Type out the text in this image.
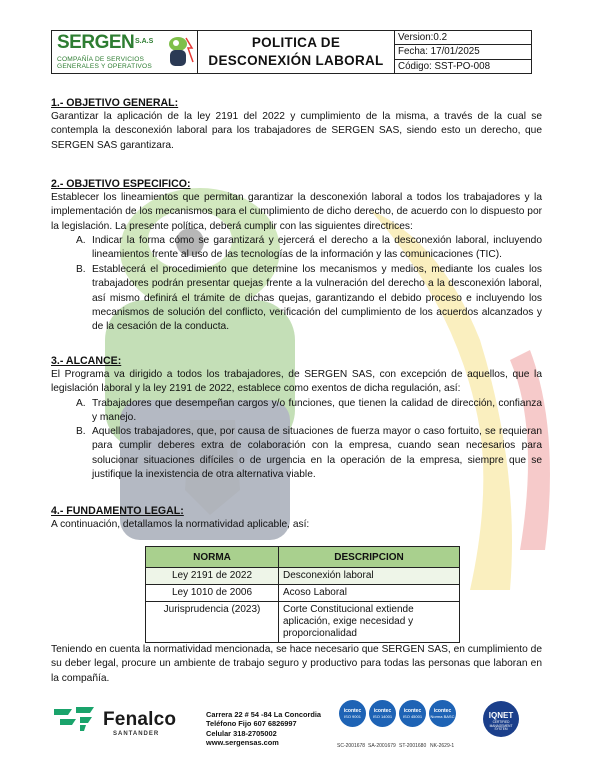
SERGEN S.A.S
COMPAÑÍA DE SERVICIOS
GENERALES Y OPERATIVOS
POLITICA DE
DESCONEXIÓN LABORAL
Version:0.2
Fecha: 17/01/2025
Código: SST-PO-008
1.- OBJETIVO GENERAL:
Garantizar la aplicación de la ley 2191 del 2022 y cumplimiento de la misma, a través de la cual se contempla la desconexión laboral para los trabajadores de SERGEN SAS, siendo esto un derecho, que SERGEN SAS garantizara.
2.- OBJETIVO ESPECIFICO:
Establecer los lineamientos que permitan garantizar la desconexión laboral a todos los trabajadores y la implementación de los mecanismos para el cumplimiento de dicho derecho, de acuerdo con lo dispuesto por la legislación. La presente política, deberá cumplir con las siguientes directrices:
A. Indicar la forma cómo se garantizará y ejercerá el derecho a la desconexión laboral, incluyendo lineamientos frente al uso de las tecnologías de la información y las comunicaciones (TIC).
B. Establecerá el procedimiento que determine los mecanismos y medios, mediante los cuales los trabajadores podrán presentar quejas frente a la vulneración del derecho a la desconexión laboral, así mismo definirá el trámite de dichas quejas, garantizando el debido proceso e incluyendo los mecanismos de solución del conflicto, verificación del cumplimiento de los acuerdos alcanzados y de la cesación de la conducta.
3.- ALCANCE:
El Programa va dirigido a todos los trabajadores, de SERGEN SAS, con excepción de aquellos, que la legislación laboral y la ley 2191 de 2022, establece como exentos de dicha regulación, así:
A. Trabajadores que desempeñan cargos y/o funciones, que tienen la calidad de dirección, confianza y manejo.
B. Aquellos trabajadores, que, por causa de situaciones de fuerza mayor o caso fortuito, se requieran para cumplir deberes extra de colaboración con la empresa, cuando sean necesarios para solucionar situaciones difíciles o de urgencia en la operación de la empresa, siempre que se justifique la inexistencia de otra alternativa viable.
4.- FUNDAMENTO LEGAL:
A continuación, detallamos la normatividad aplicable, así:
NORMA	DESCRIPCION
Ley 2191 de 2022	Desconexión laboral
Ley 1010 de 2006	Acoso Laboral
Jurisprudencia (2023)	Corte Constitucional extiende aplicación, exige necesidad y proporcionalidad
Teniendo en cuenta la normatividad mencionada, se hace necesario que SERGEN SAS, en cumplimiento de su deber legal, procure un ambiente de trabajo seguro y productivo para todas las personas que laboran en la compañía.
Fenalco
SANTANDER
Carrera 22 # 54 -84 La Concordia
Teléfono Fijo 607 6826997
Celular 318-2705002
www.sergensas.com
icontec
ISO 9001
icontec
ISO 14001
icontec
ISO 45001
icontec
Norma BASC
SC-2001678 SA-2001679 ST-2001680 NK-2629-1
IQNET
CERTIFIED MANAGEMENT SYSTEM
